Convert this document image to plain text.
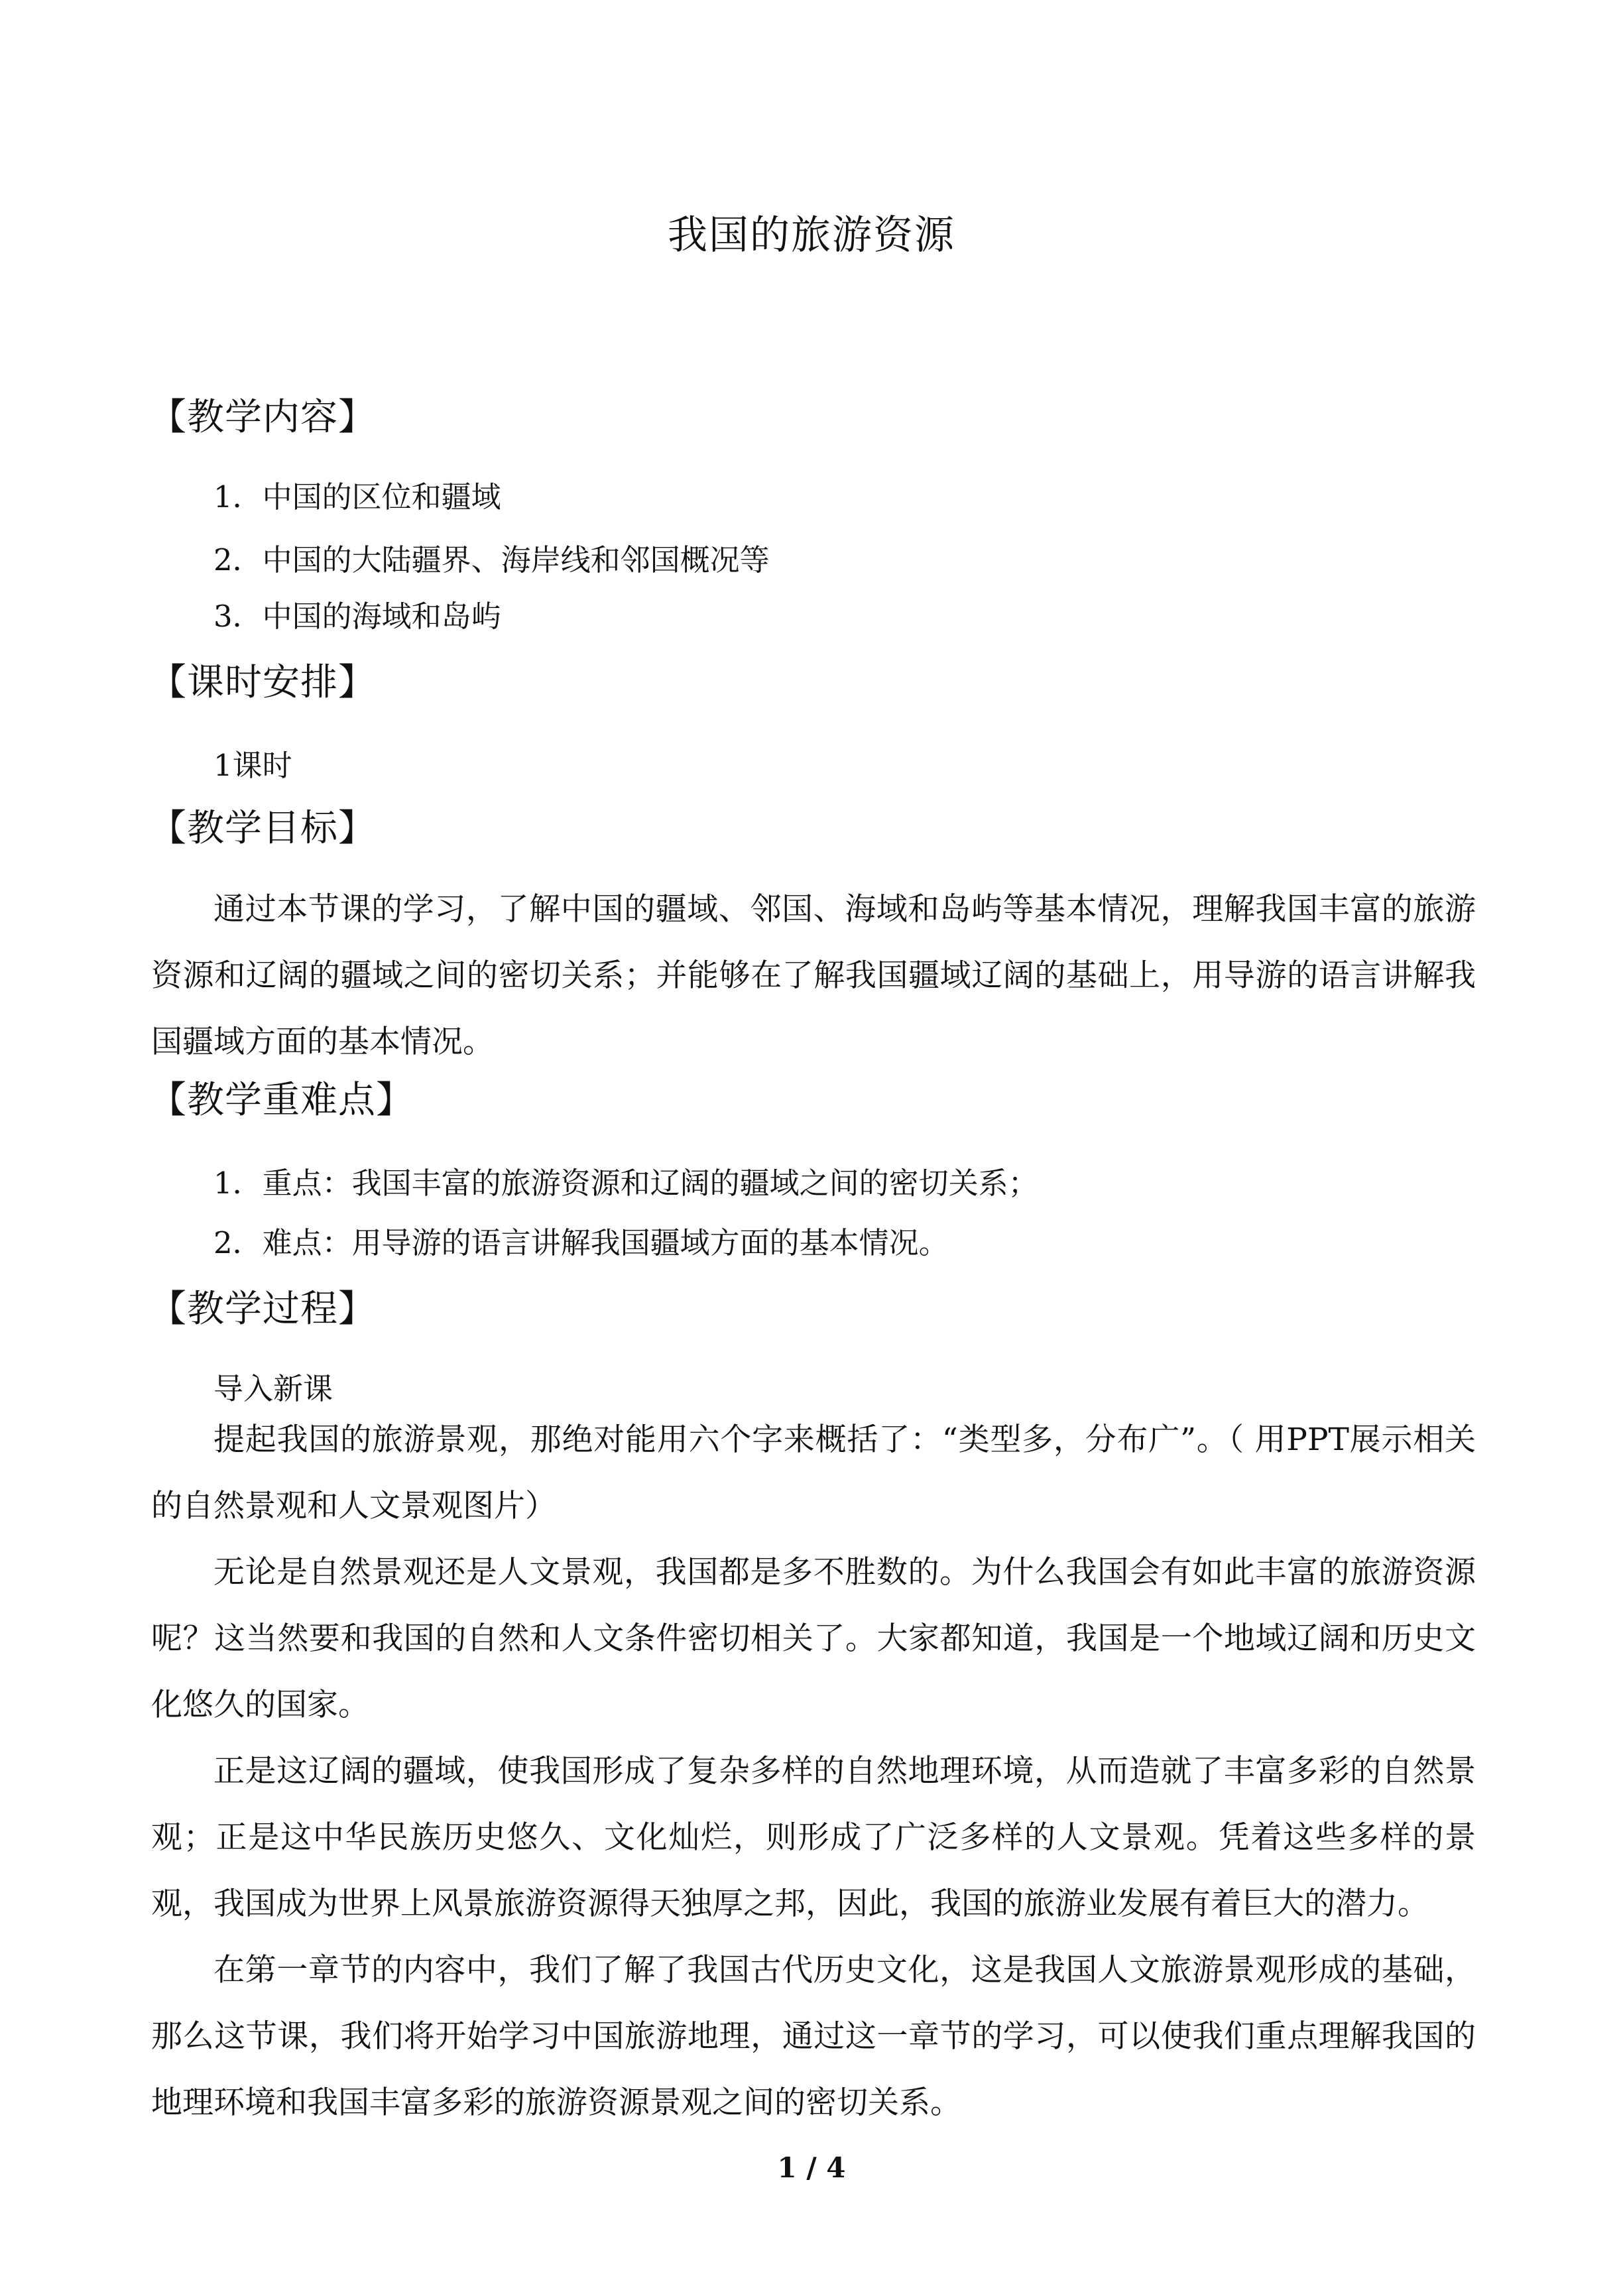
我国的旅游资源
【教学内容】
1．中国的区位和疆域
2．中国的大陆疆界、海岸线和邻国概况等
3．中国的海域和岛屿
【课时安排】
1课时
【教学目标】
通过本节课的学习，了解中国的疆域、邻国、海域和岛屿等基本情况，理解我国丰富的旅游资源和辽阔的疆域之间的密切关系；并能够在了解我国疆域辽阔的基础上，用导游的语言讲解我国疆域方面的基本情况。
【教学重难点】
1．重点：我国丰富的旅游资源和辽阔的疆域之间的密切关系；
2．难点：用导游的语言讲解我国疆域方面的基本情况。
【教学过程】
导入新课
提起我国的旅游景观，那绝对能用六个字来概括了：“类型多，分布广”。（ 用PPT展示相关的自然景观和人文景观图片）
无论是自然景观还是人文景观，我国都是多不胜数的。为什么我国会有如此丰富的旅游资源呢？这当然要和我国的自然和人文条件密切相关了。大家都知道，我国是一个地域辽阔和历史文化悠久的国家。
正是这辽阔的疆域，使我国形成了复杂多样的自然地理环境，从而造就了丰富多彩的自然景观；正是这中华民族历史悠久、文化灿烂，则形成了广泛多样的人文景观。凭着这些多样的景观，我国成为世界上风景旅游资源得天独厚之邦，因此，我国的旅游业发展有着巨大的潜力。
在第一章节的内容中，我们了解了我国古代历史文化，这是我国人文旅游景观形成的基础，那么这节课，我们将开始学习中国旅游地理，通过这一章节的学习，可以使我们重点理解我国的地理环境和我国丰富多彩的旅游资源景观之间的密切关系。
1 / 4
